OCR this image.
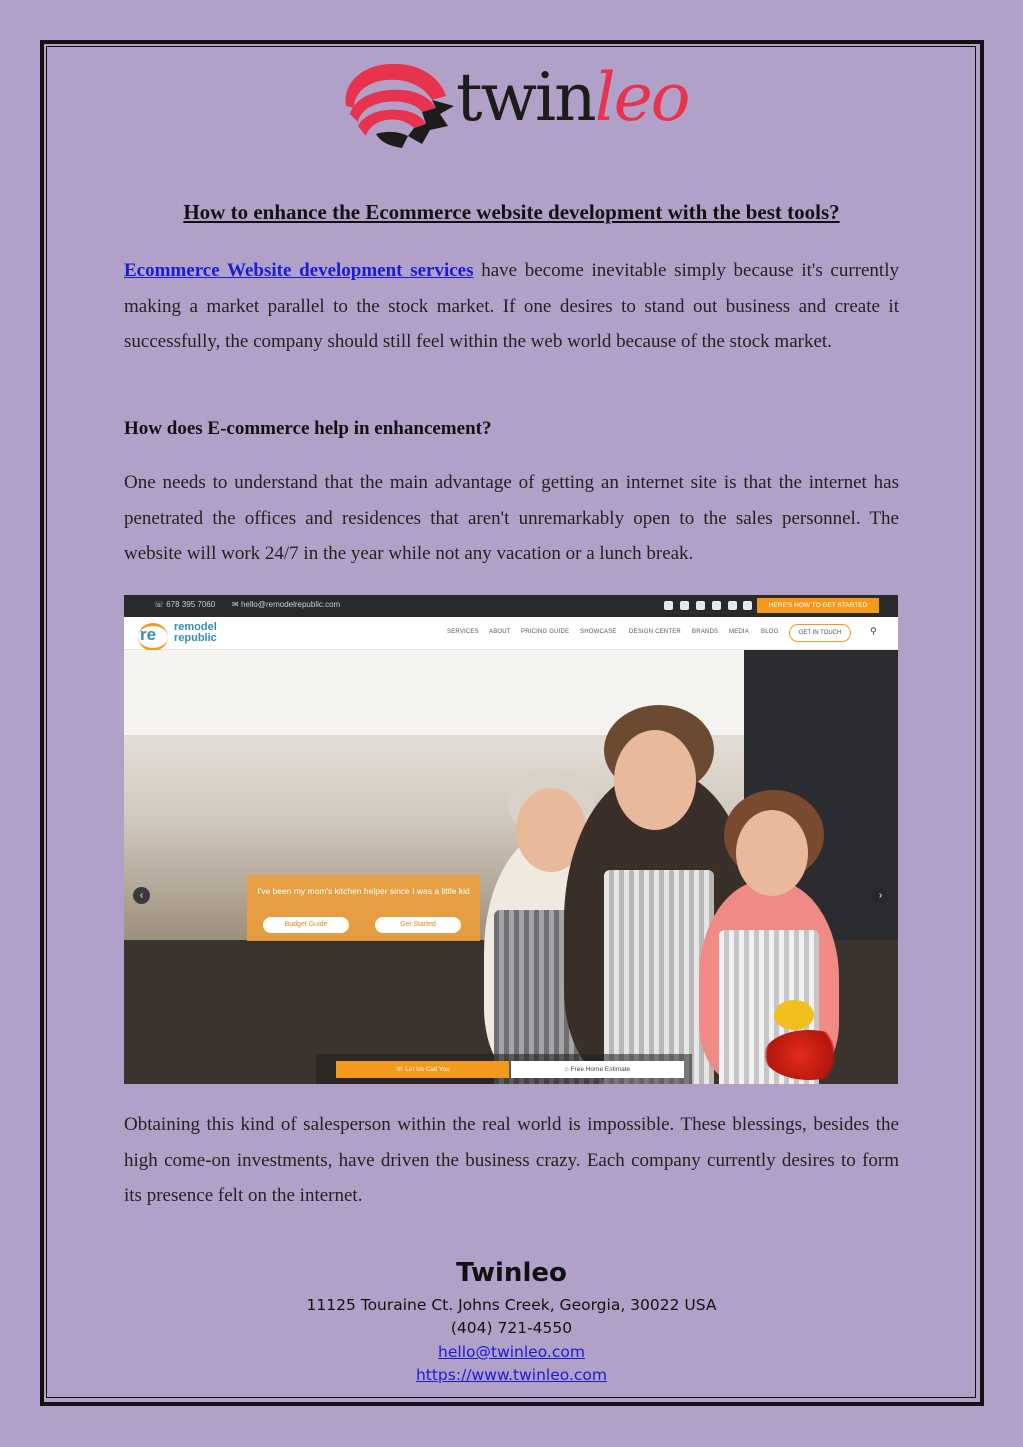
twinleo
How to enhance the Ecommerce website development with the best tools?

Ecommerce Website development services have become inevitable simply because it's currently making a market parallel to the stock market. If one desires to stand out business and create it successfully, the company should still feel within the web world because of the stock market.

How does E-commerce help in enhancement?

One needs to understand that the main advantage of getting an internet site is that the internet has penetrated the offices and residences that aren't unremarkably open to the sales personnel. The website will work 24/7 in the year while not any vacation or a lunch break.

☏ 678 395 7060 ✉ hello@remodelrepublic.com	HERE'S HOW TO GET STARTED
re remodel
republic	SERVICES ABOUT PRICING GUIDE SHOWCASE DESIGN CENTER BRANDS MEDIA BLOG	GET IN TOUCH	⚲
I've been my mom's kitchen helper since I was a little kid
Budget Guide	Get Started
‹	›
☏ Let Us Call You	⌂ Free Home Estimate

Obtaining this kind of salesperson within the real world is impossible. These blessings, besides the high come-on investments, have driven the business crazy. Each company currently desires to form its presence felt on the internet.

Twinleo
11125 Touraine Ct. Johns Creek, Georgia, 30022 USA
(404) 721-4550
hello@twinleo.com
https://www.twinleo.com
